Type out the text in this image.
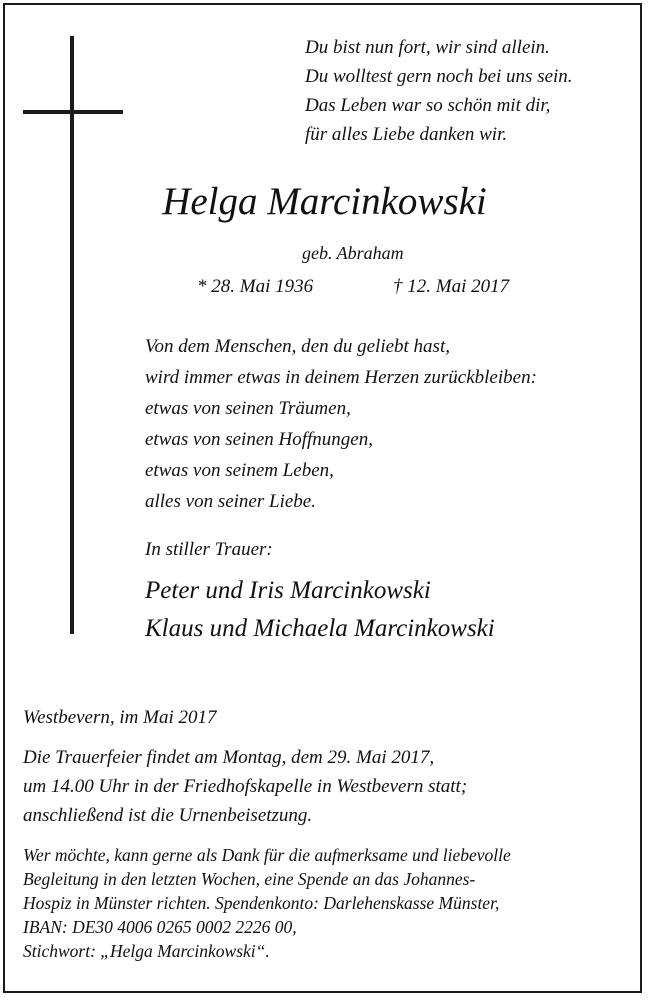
Du bist nun fort, wir sind allein.
Du wolltest gern noch bei uns sein.
Das Leben war so schön mit dir,
für alles Liebe danken wir.
Helga Marcinkowski
geb. Abraham
* 28. Mai 1936	† 12. Mai 2017
Von dem Menschen, den du geliebt hast,
wird immer etwas in deinem Herzen zurückbleiben:
etwas von seinen Träumen,
etwas von seinen Hoffnungen,
etwas von seinem Leben,
alles von seiner Liebe.
In stiller Trauer:
Peter und Iris Marcinkowski
Klaus und Michaela Marcinkowski
Westbevern, im Mai 2017
Die Trauerfeier findet am Montag, dem 29. Mai 2017,
um 14.00 Uhr in der Friedhofskapelle in Westbevern statt;
anschließend ist die Urnenbeisetzung.
Wer möchte, kann gerne als Dank für die aufmerksame und liebevolle
Begleitung in den letzten Wochen, eine Spende an das Johannes-
Hospiz in Münster richten. Spendenkonto: Darlehenskasse Münster,
IBAN: DE30 4006 0265 0002 2226 00,
Stichwort: „Helga Marcinkowski“.
